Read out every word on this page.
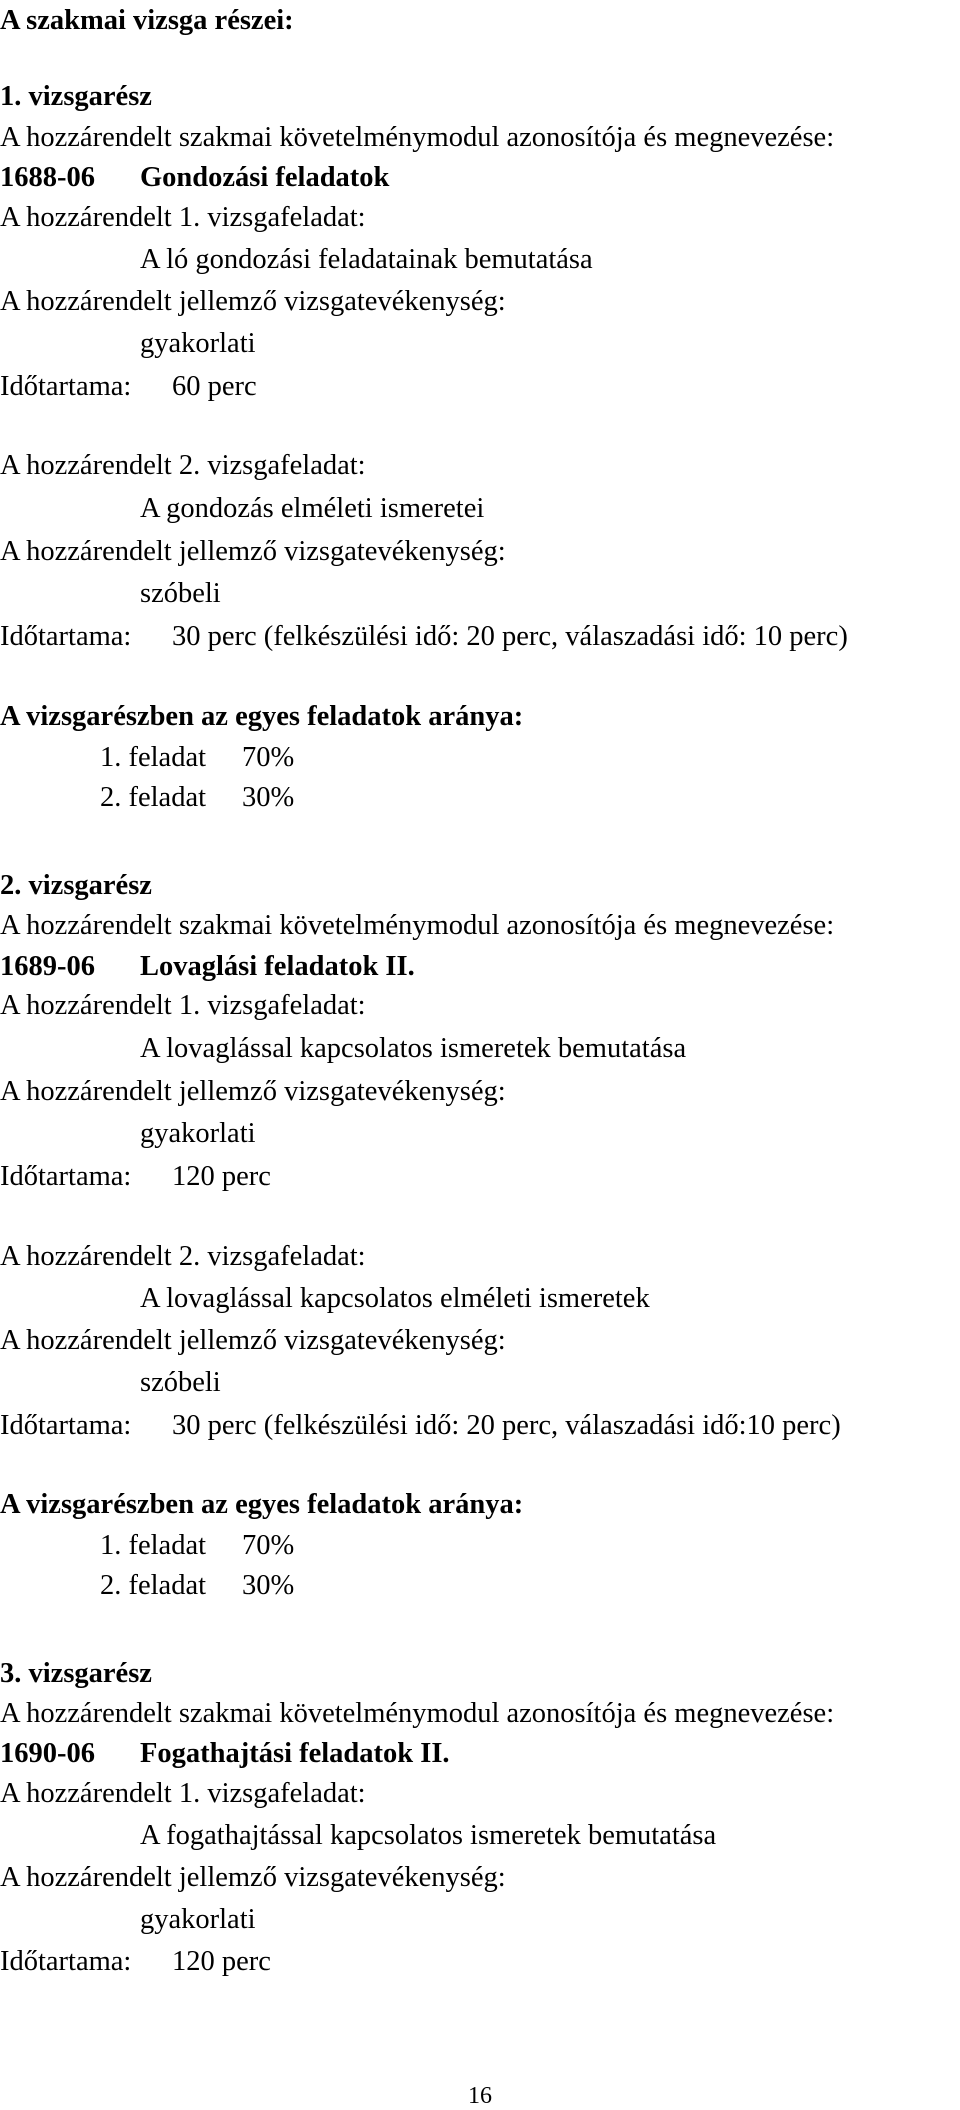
A szakmai vizsga részei:
1. vizsgarész
A hozzárendelt szakmai követelménymodul azonosítója és megnevezése:
1688-06 Gondozási feladatok
A hozzárendelt 1. vizsgafeladat:
A ló gondozási feladatainak bemutatása
A hozzárendelt jellemző vizsgatevékenység:
gyakorlati
Időtartama: 60 perc
A hozzárendelt 2. vizsgafeladat:
A gondozás elméleti ismeretei
A hozzárendelt jellemző vizsgatevékenység:
szóbeli
Időtartama: 30 perc (felkészülési idő: 20 perc, válaszadási idő: 10 perc)
A vizsgarészben az egyes feladatok aránya:
1. feladat 70%
2. feladat 30%
2. vizsgarész
A hozzárendelt szakmai követelménymodul azonosítója és megnevezése:
1689-06 Lovaglási feladatok II.
A hozzárendelt 1. vizsgafeladat:
A lovaglással kapcsolatos ismeretek bemutatása
A hozzárendelt jellemző vizsgatevékenység:
gyakorlati
Időtartama: 120 perc
A hozzárendelt 2. vizsgafeladat:
A lovaglással kapcsolatos elméleti ismeretek
A hozzárendelt jellemző vizsgatevékenység:
szóbeli
Időtartama: 30 perc (felkészülési idő: 20 perc, válaszadási idő:10 perc)
A vizsgarészben az egyes feladatok aránya:
1. feladat 70%
2. feladat 30%
3. vizsgarész
A hozzárendelt szakmai követelménymodul azonosítója és megnevezése:
1690-06 Fogathajtási feladatok II.
A hozzárendelt 1. vizsgafeladat:
A fogathajtással kapcsolatos ismeretek bemutatása
A hozzárendelt jellemző vizsgatevékenység:
gyakorlati
Időtartama: 120 perc
16
